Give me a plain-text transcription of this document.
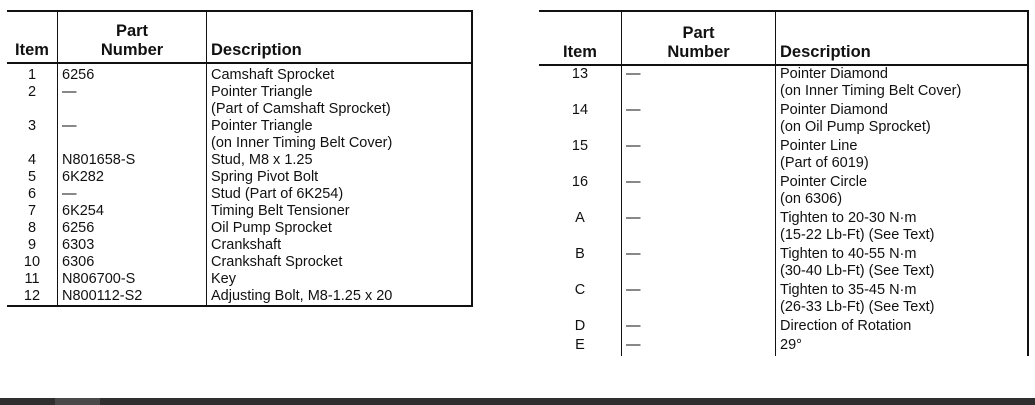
Item	Part
Number	Description
1	6256	Camshaft Sprocket

2	—	Pointer Triangle
(Part of Camshaft Sprocket)

3	—	Pointer Triangle
(on Inner Timing Belt Cover)

4	N801658-S	Stud, M8 x 1.25

5	6K282	Spring Pivot Bolt

6	—	Stud (Part of 6K254)

7	6K254	Timing Belt Tensioner

8	6256	Oil Pump Sprocket

9	6303	Crankshaft

10	6306	Crankshaft Sprocket

11	N806700-S	Key

12	N800112-S2	Adjusting Bolt, M8-1.25 x 20
Item	Part
Number	Description
13	—	Pointer Diamond
(on Inner Timing Belt Cover)

14	—	Pointer Diamond
(on Oil Pump Sprocket)

15	—	Pointer Line
(Part of 6019)

16	—	Pointer Circle
(on 6306)

A	—	Tighten to 20-30 N·m
(15-22 Lb-Ft) (See Text)

B	—	Tighten to 40-55 N·m
(30-40 Lb-Ft) (See Text)

C	—	Tighten to 35-45 N·m
(26-33 Lb-Ft) (See Text)

D	—	Direction of Rotation

E	—	29°
